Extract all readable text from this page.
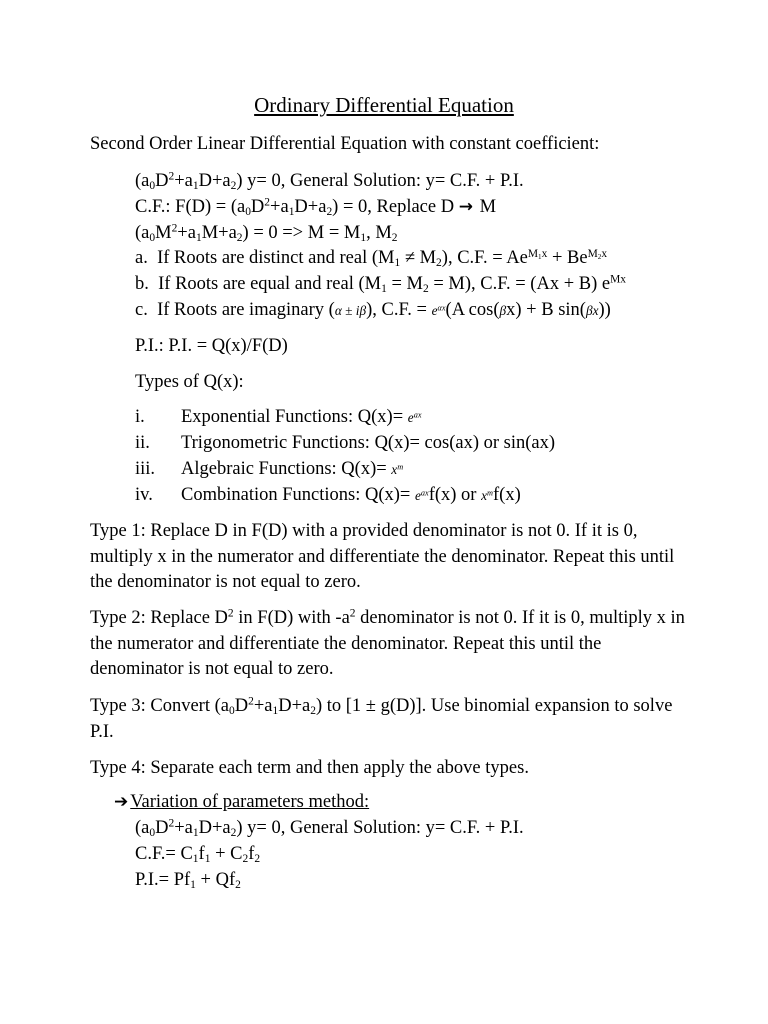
Ordinary Differential Equation
Second Order Linear Differential Equation with constant coefficient:
$(a_0D^2+a_1D+a_2)$ y= 0, General Solution: y= C.F. + P.I.
C.F.: $F(D) = (a_0D^2+a_1D+a_2) = 0$, Replace D → M
$(a_0M^2+a_1M+a_2) = 0 => M = M_1$, $M_2$
a. If Roots are distinct and real $(M_1 \ne M_2)$, C.F. = $Ae^{M_1x} + Be^{M_2x}$
b. If Roots are equal and real $(M_1 = M_2 = M)$, C.F. = (Ax + B) $e^{Mx}$
c. If Roots are imaginary (α ± iβ), C.F. = $e^{\alpha x}(A$ cos(βx) + B sin(βx))
P.I.: P.I. = Q(x)/F(D)
Types of Q(x):
i. Exponential Functions: $Q(x)= e^{ax}$
ii. Trigonometric Functions: Q(x)= cos(ax) or sin(ax)
iii. Algebraic Functions: $Q(x)= x^m$
iv. Combination Functions: $Q(x)= e^{ax}f(x)$ or $x^mf(x)$
Type 1: Replace D in F(D) with a provided denominator is not 0. If it is 0, multiply x in the numerator and differentiate the denominator. Repeat this until the denominator is not equal to zero.
Type 2: Replace $D^2$ in F(D) with $-a^2$ denominator is not 0. If it is 0, multiply x in the numerator and differentiate the denominator. Repeat this until the denominator is not equal to zero.
Type 3: Convert $(a_0D^2+a_1D+a_2)$ to [1 ± g(D)]. Use binomial expansion to solve P.I.
Type 4: Separate each term and then apply the above types.
➔ Variation of parameters method:
$(a_0D^2+a_1D+a_2)$ y= 0, General Solution: y= C.F. + P.I.
$C.F.= C_1f_1 + C_2f_2$
$P.I.= Pf_1 + Qf_2$
